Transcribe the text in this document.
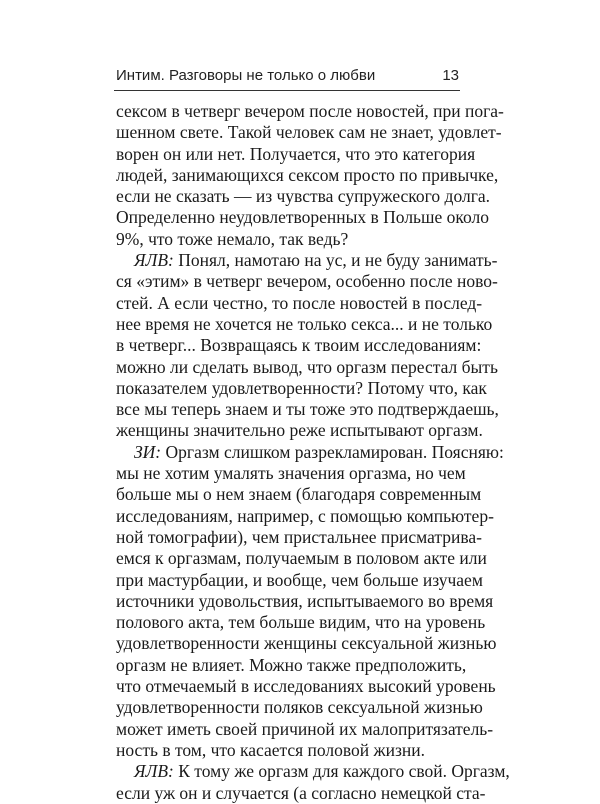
Интим. Разговоры не только о любви	13
сексом в четверг вечером после новостей, при пога-
шенном свете. Такой человек сам не знает, удовлет-
ворен он или нет. Получается, что это категория
людей, занимающихся сексом просто по привычке,
если не сказать — из чувства супружеского долга.
Определенно неудовлетворенных в Польше около
9%, что тоже немало, так ведь?
ЯЛВ: Понял, намотаю на ус, и не буду занимать-
ся «этим» в четверг вечером, особенно после ново-
стей. А если честно, то после новостей в послед-
нее время не хочется не только секса... и не только
в четверг... Возвращаясь к твоим исследованиям:
можно ли сделать вывод, что оргазм перестал быть
показателем удовлетворенности? Потому что, как
все мы теперь знаем и ты тоже это подтверждаешь,
женщины значительно реже испытывают оргазм.
ЗИ: Оргазм слишком разрекламирован. Поясняю:
мы не хотим умалять значения оргазма, но чем
больше мы о нем знаем (благодаря современным
исследованиям, например, с помощью компьютер-
ной томографии), чем пристальнее присматрива-
емся к оргазмам, получаемым в половом акте или
при мастурбации, и вообще, чем больше изучаем
источники удовольствия, испытываемого во время
полового акта, тем больше видим, что на уровень
удовлетворенности женщины сексуальной жизнью
оргазм не влияет. Можно также предположить,
что отмечаемый в исследованиях высокий уровень
удовлетворенности поляков сексуальной жизнью
может иметь своей причиной их малопритязатель-
ность в том, что касается половой жизни.
ЯЛВ: К тому же оргазм для каждого свой. Оргазм,
если уж он и случается (а согласно немецкой ста-
